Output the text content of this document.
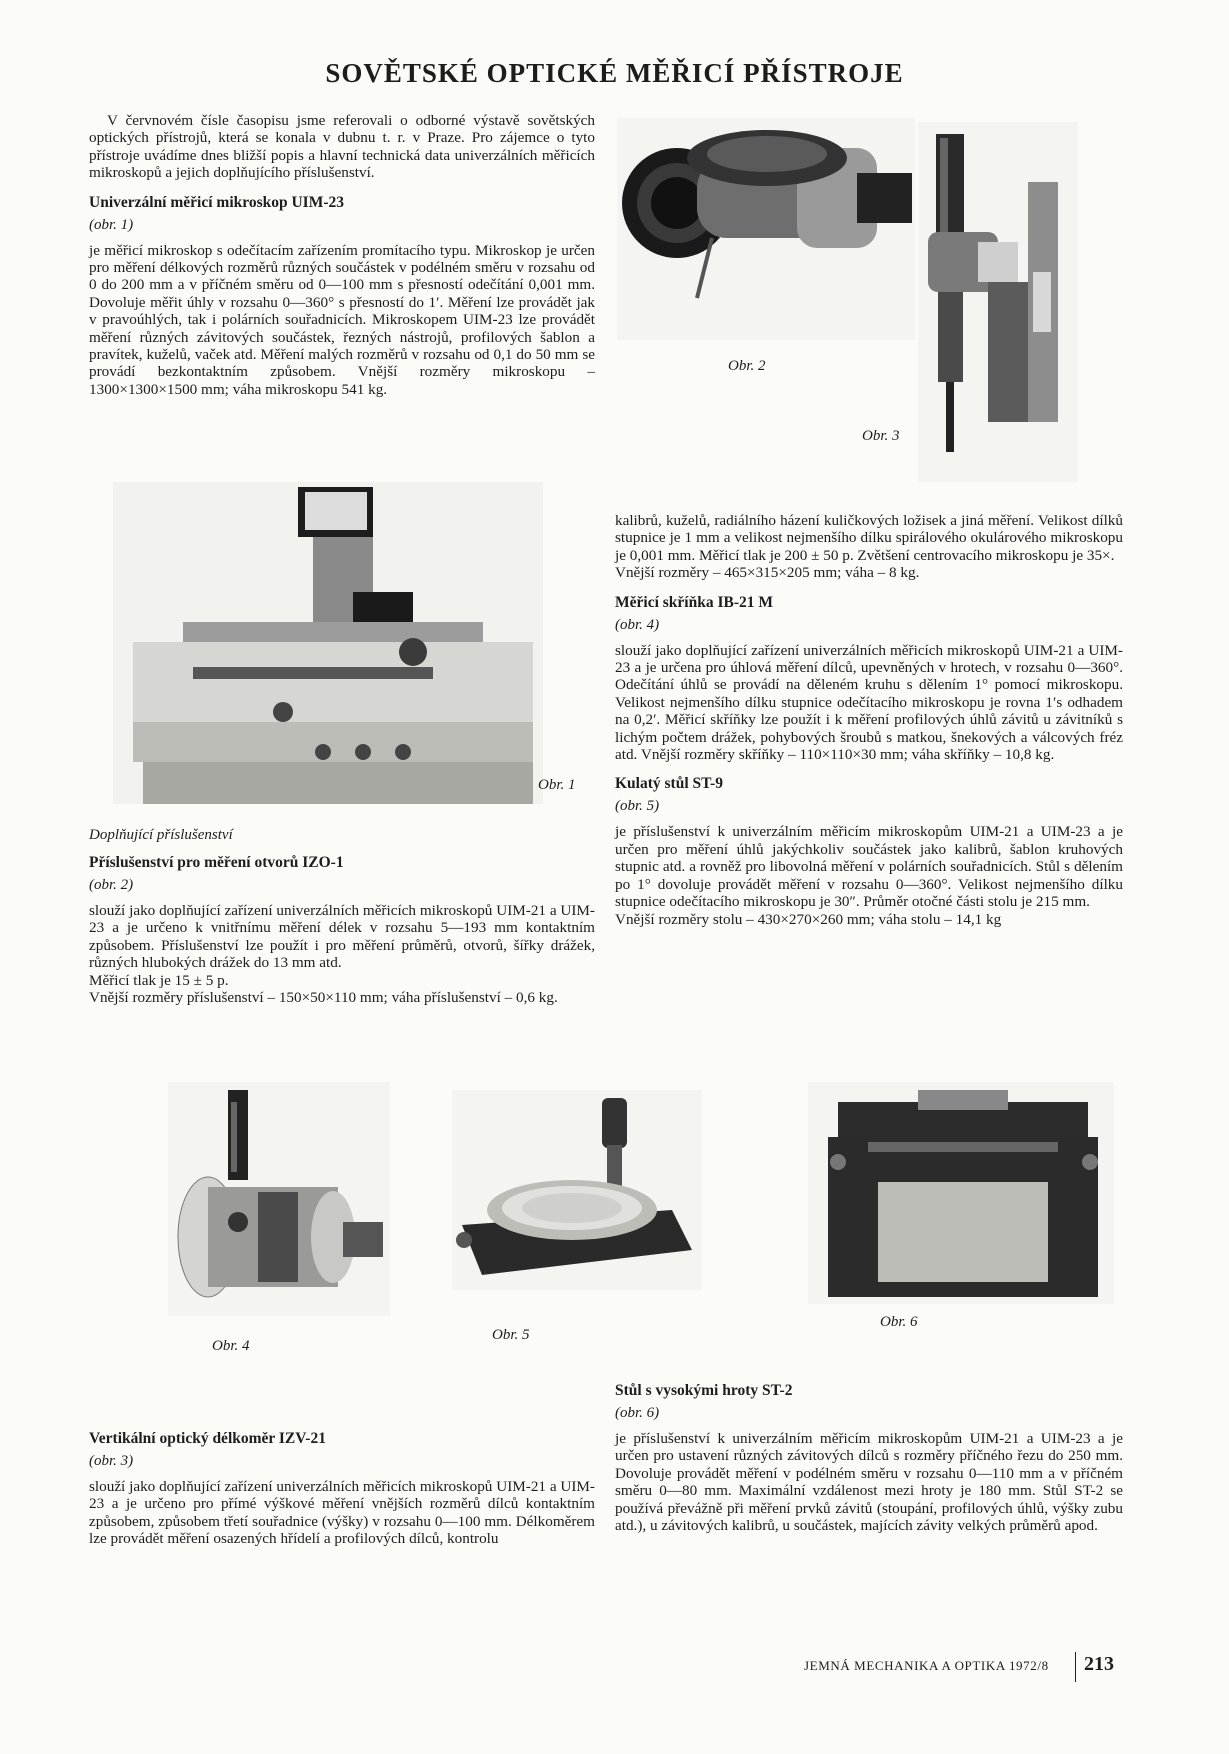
SOVĚTSKÉ OPTICKÉ MĚŘICÍ PŘÍSTROJE

V červnovém čísle časopisu jsme referovali o odborné výstavě sovětských optických přístrojů, která se konala v dubnu t. r. v Praze. Pro zájemce o tyto přístroje uvádíme dnes bližší popis a hlavní technická data univerzálních měřicích mikroskopů a jejich doplňujícího příslušenství.

Univerzální měřicí mikroskop UIM-23

(obr. 1)

je měřicí mikroskop s odečítacím zařízením promítacího typu. Mikroskop je určen pro měření délkových rozměrů různých součástek v podélném směru v rozsahu od 0 do 200 mm a v příčném směru od 0—100 mm s přesností odečítání 0,001 mm. Dovoluje měřit úhly v rozsahu 0—360° s přesností do 1′. Měření lze provádět jak v pravoúhlých, tak i polárních souřadnicích. Mikroskopem UIM-23 lze provádět měření různých závitových součástek, řezných nástrojů, profilových šablon a pravítek, kuželů, vaček atd. Měření malých rozměrů v rozsahu od 0,1 do 50 mm se provádí bezkontaktním způsobem. Vnější rozměry mikroskopu – 1300×1300×1500 mm; váha mikroskopu 541 kg.

Obr. 2
Obr. 3
Obr. 1

Doplňující příslušenství

Příslušenství pro měření otvorů IZO-1

(obr. 2)

slouží jako doplňující zařízení univerzálních měřicích mikroskopů UIM-21 a UIM-23 a je určeno k vnitřnímu měření délek v rozsahu 5—193 mm kontaktním způsobem. Příslušenství lze použít i pro měření průměrů, otvorů, šířky drážek, různých hlubokých drážek do 13 mm atd.

Měřicí tlak je 15 ± 5 p.

Vnější rozměry příslušenství – 150×50×110 mm; váha příslušenství – 0,6 kg.

kalibrů, kuželů, radiálního házení kuličkových ložisek a jiná měření. Velikost dílků stupnice je 1 mm a velikost nejmenšího dílku spirálového okulárového mikroskopu je 0,001 mm. Měřicí tlak je 200 ± 50 p. Zvětšení centrovacího mikroskopu je 35×.

Vnější rozměry – 465×315×205 mm; váha – 8 kg.

Měřicí skříňka IB-21 M

(obr. 4)

slouží jako doplňující zařízení univerzálních měřicích mikroskopů UIM-21 a UIM-23 a je určena pro úhlová měření dílců, upevněných v hrotech, v rozsahu 0—360°. Odečítání úhlů se provádí na děleném kruhu s dělením 1° pomocí mikroskopu. Velikost nejmenšího dílku stupnice odečítacího mikroskopu je rovna 1′s odhadem na 0,2′. Měřicí skříňky lze použít i k měření profilových úhlů závitů u závitníků s lichým počtem drážek, pohybových šroubů s matkou, šnekových a válcových fréz atd. Vnější rozměry skříňky – 110×110×30 mm; váha skříňky – 10,8 kg.

Kulatý stůl ST-9

(obr. 5)

je příslušenství k univerzálním měřicím mikroskopům UIM-21 a UIM-23 a je určen pro měření úhlů jakýchkoliv součástek jako kalibrů, šablon kruhových stupnic atd. a rovněž pro libovolná měření v polárních souřadnicích. Stůl s dělením po 1° dovoluje provádět měření v rozsahu 0—360°. Velikost nejmenšího dílku stupnice odečítacího mikroskopu je 30″. Průměr otočné části stolu je 215 mm.

Vnější rozměry stolu – 430×270×260 mm; váha stolu – 14,1 kg

Obr. 4
Obr. 5
Obr. 6

Vertikální optický délkoměr IZV-21

(obr. 3)

slouží jako doplňující zařízení univerzálních měřicích mikroskopů UIM-21 a UIM-23 a je určeno pro přímé výškové měření vnějších rozměrů dílců kontaktním způsobem, způsobem třetí souřadnice (výšky) v rozsahu 0—100 mm. Délkoměrem lze provádět měření osazených hřídelí a profilových dílců, kontrolu

Stůl s vysokými hroty ST-2

(obr. 6)

je příslušenství k univerzálním měřicím mikroskopům UIM-21 a UIM-23 a je určen pro ustavení různých závitových dílců s rozměry příčného řezu do 250 mm. Dovoluje provádět měření v podélném směru v rozsahu 0—110 mm a v příčném směru 0—80 mm. Maximální vzdálenost mezi hroty je 180 mm. Stůl ST-2 se používá převážně při měření prvků závitů (stoupání, profilových úhlů, výšky zubu atd.), u závitových kalibrů, u součástek, majících závity velkých průměrů apod.

JEMNÁ MECHANIKA A OPTIKA 1972/8 213
